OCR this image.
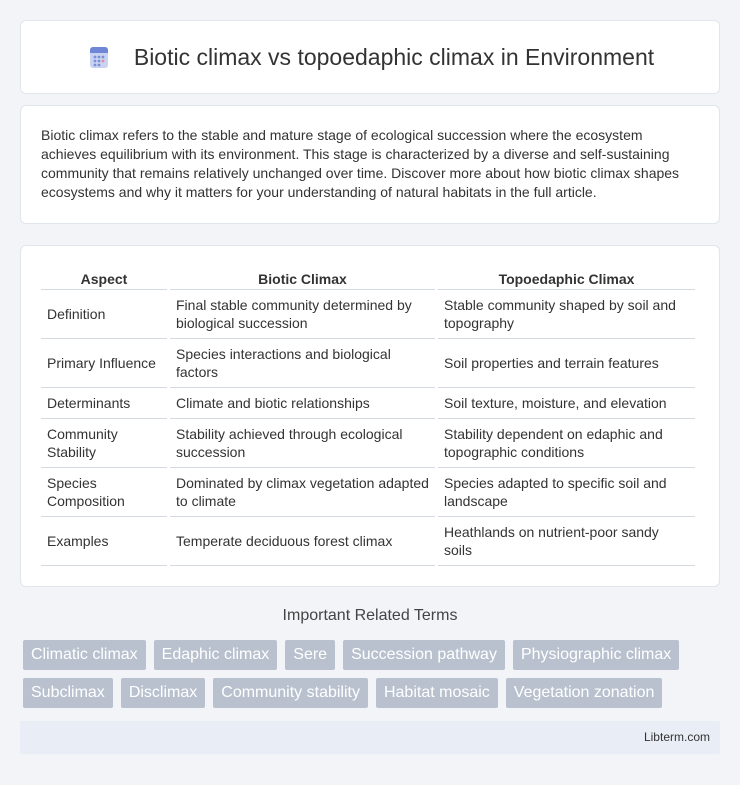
Biotic climax vs topoedaphic climax in Environment

Biotic climax refers to the stable and mature stage of ecological succession where the ecosystem achieves equilibrium with its environment. This stage is characterized by a diverse and self-sustaining community that remains relatively unchanged over time. Discover more about how biotic climax shapes ecosystems and why it matters for your understanding of natural habitats in the full article.

Aspect	Biotic Climax	Topoedaphic Climax
Definition	Final stable community determined by biological succession	Stable community shaped by soil and topography
Primary Influence	Species interactions and biological factors	Soil properties and terrain features
Determinants	Climate and biotic relationships	Soil texture, moisture, and elevation
Community Stability	Stability achieved through ecological succession	Stability dependent on edaphic and topographic conditions
Species Composition	Dominated by climax vegetation adapted to climate	Species adapted to specific soil and landscape
Examples	Temperate deciduous forest climax	Heathlands on nutrient-poor sandy soils
Important Related Terms
Climatic climax	Edaphic climax	Sere	Succession pathway	Physiographic climax
Subclimax	Disclimax	Community stability	Habitat mosaic	Vegetation zonation
Libterm.com
